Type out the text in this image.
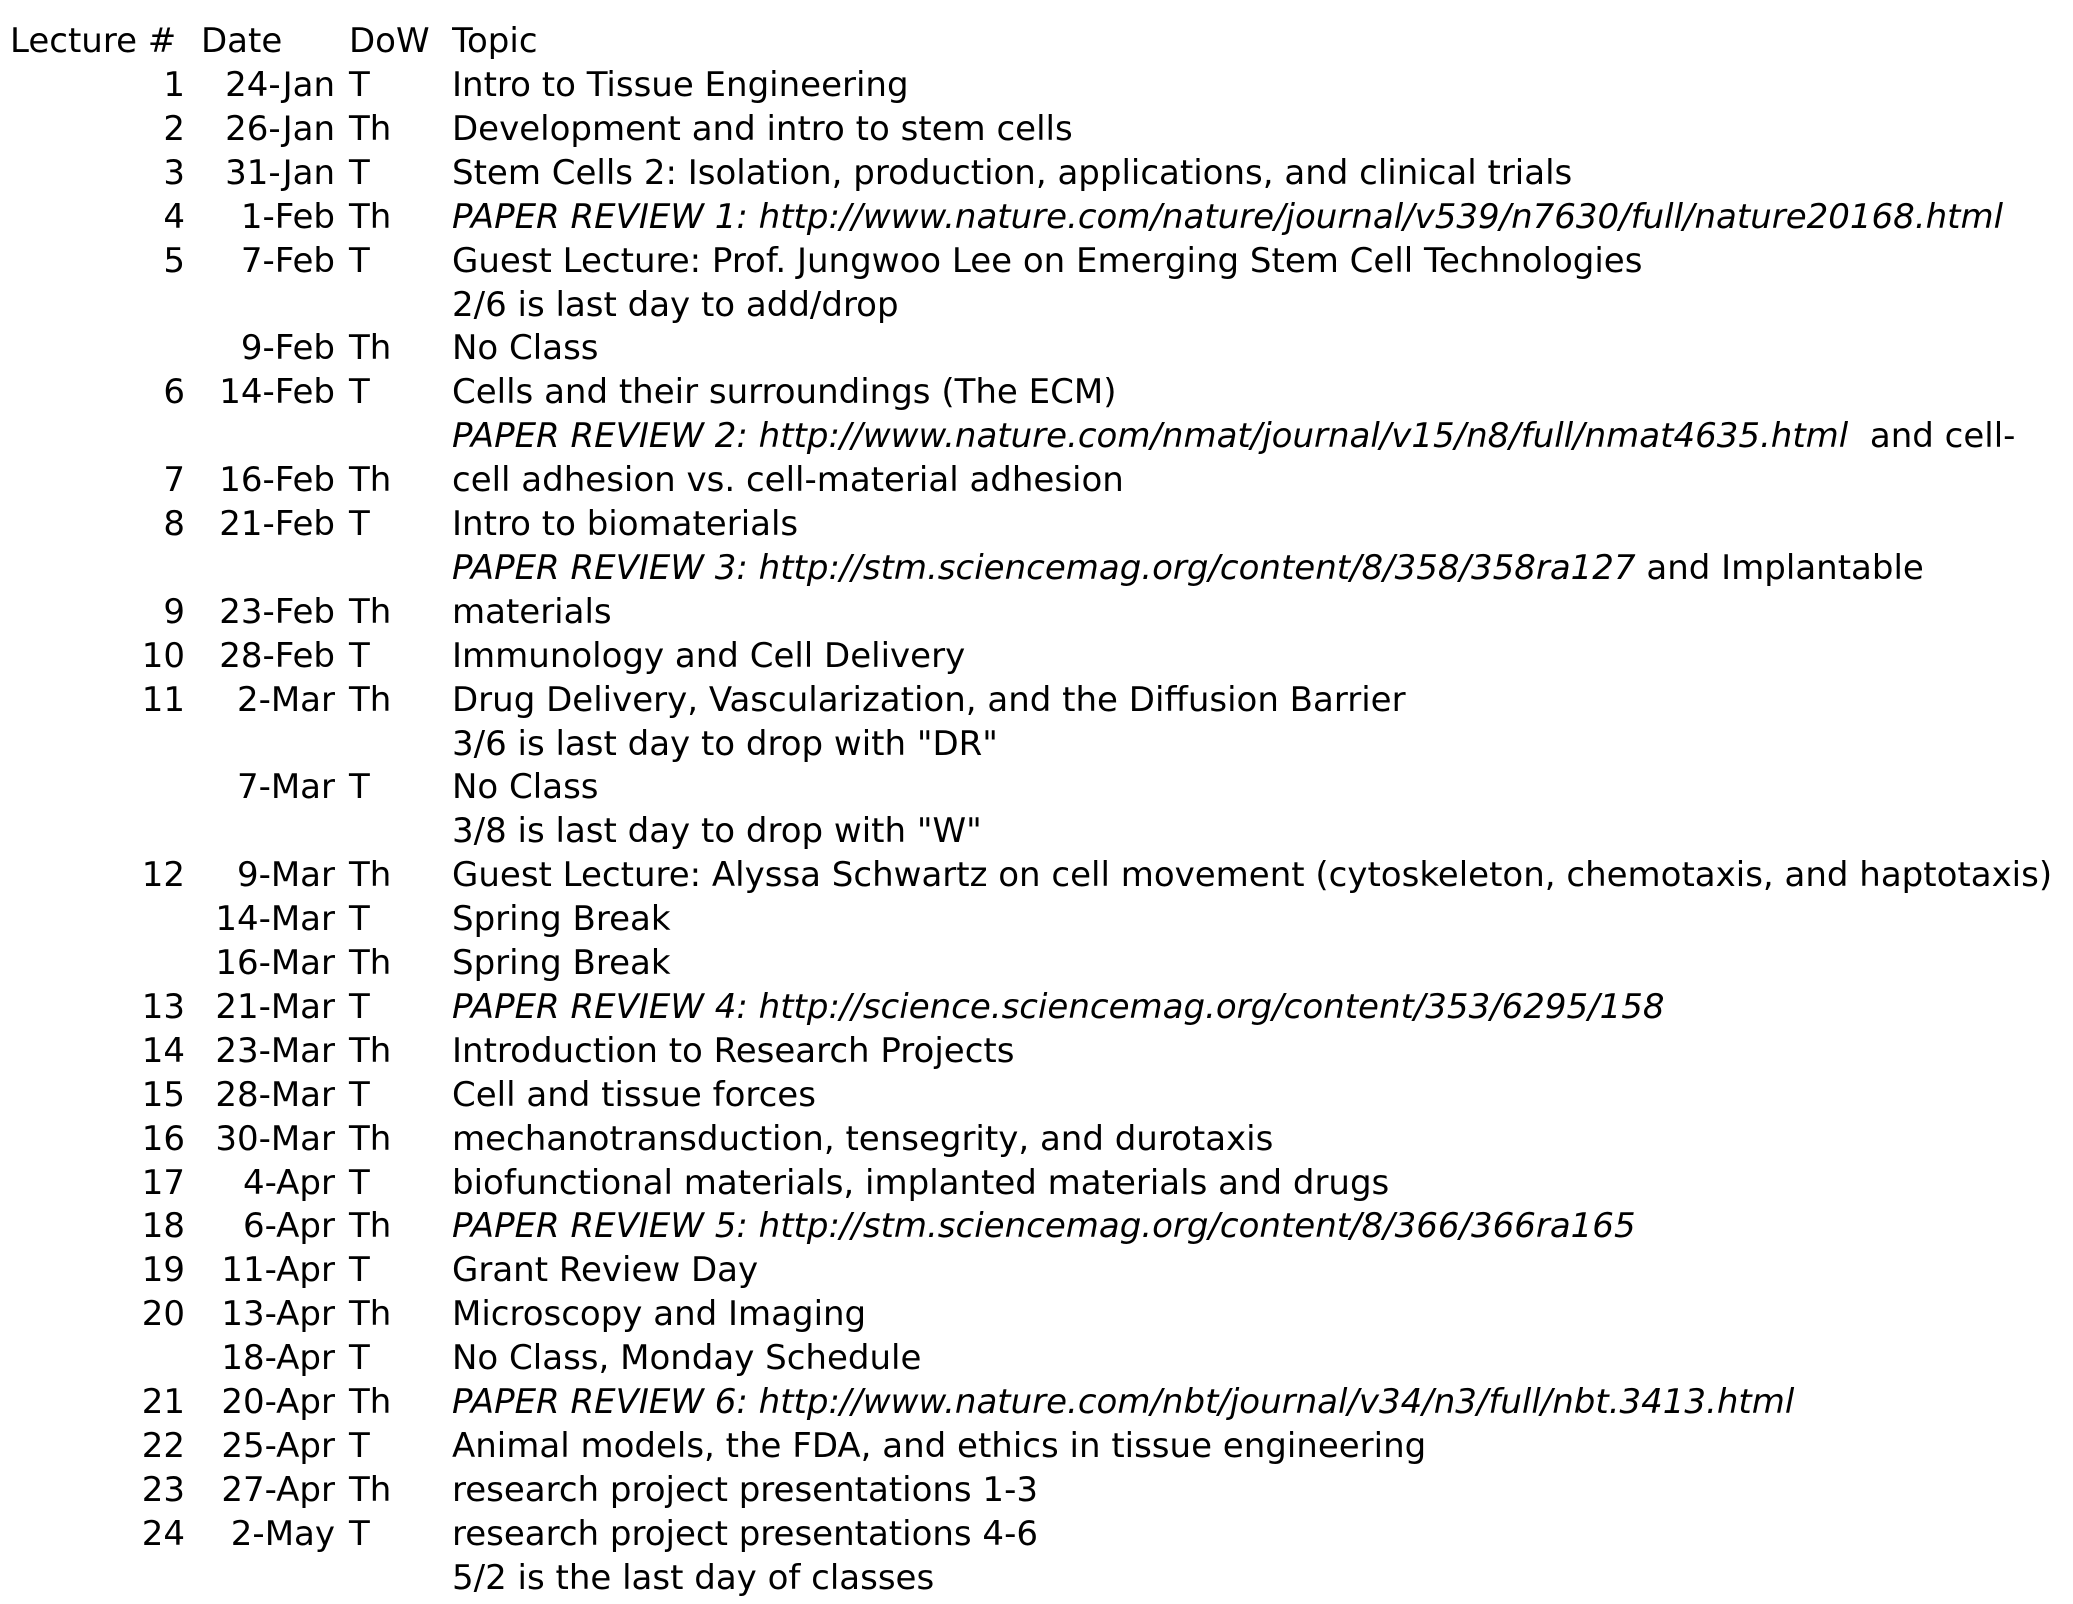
Lecture # Date DoW Topic
1	24-Jan T	Intro to Tissue Engineering
2	26-Jan Th	Development and intro to stem cells
3	31-Jan T	Stem Cells 2: Isolation, production, applications, and clinical trials
4	1-Feb Th	PAPER REVIEW 1: http://www.nature.com/nature/journal/v539/n7630/full/nature20168.html
5	7-Feb T	Guest Lecture: Prof. Jungwoo Lee on Emerging Stem Cell Technologies
2/6 is last day to add/drop
9-Feb Th	No Class
6	14-Feb T	Cells and their surroundings (The ECM)
PAPER REVIEW 2: http://www.nature.com/nmat/journal/v15/n8/full/nmat4635.html  and cell-
7	16-Feb Th	cell adhesion vs. cell-material adhesion
8	21-Feb T	Intro to biomaterials
PAPER REVIEW 3: http://stm.sciencemag.org/content/8/358/358ra127 and Implantable
9	23-Feb Th	materials
10	28-Feb T	Immunology and Cell Delivery
11	2-Mar Th	Drug Delivery, Vascularization, and the Diffusion Barrier
3/6 is last day to drop with "DR"
7-Mar T	No Class
3/8 is last day to drop with "W"
12	9-Mar Th	Guest Lecture: Alyssa Schwartz on cell movement (cytoskeleton, chemotaxis, and haptotaxis)
14-Mar T	Spring Break
16-Mar Th	Spring Break
13 21-Mar T	PAPER REVIEW 4: http://science.sciencemag.org/content/353/6295/158
14 23-Mar Th	Introduction to Research Projects
15 28-Mar T	Cell and tissue forces
16 30-Mar Th	mechanotransduction, tensegrity, and durotaxis
17	4-Apr T	biofunctional materials, implanted materials and drugs
18	6-Apr Th	PAPER REVIEW 5: http://stm.sciencemag.org/content/8/366/366ra165
19	11-Apr T	Grant Review Day
20	13-Apr Th	Microscopy and Imaging
18-Apr T	No Class, Monday Schedule
21	20-Apr Th	PAPER REVIEW 6: http://www.nature.com/nbt/journal/v34/n3/full/nbt.3413.html
22	25-Apr T	Animal models, the FDA, and ethics in tissue engineering
23	27-Apr Th	research project presentations 1-3
24	2-May T	research project presentations 4-6
5/2 is the last day of classes
